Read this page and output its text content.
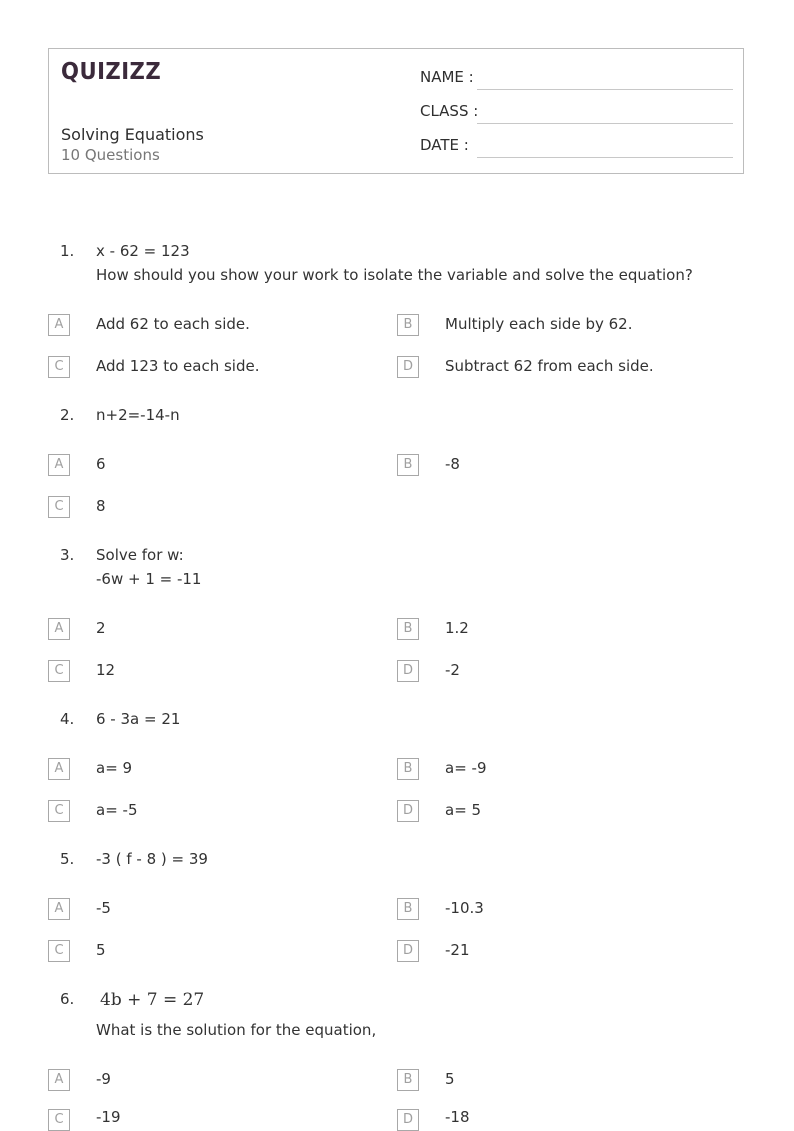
QUIZIZZ
Solving Equations
10 Questions
NAME :
CLASS :
DATE :
1. x - 62 = 123
How should you show your work to isolate the variable and solve the equation?
A	Add 62 to each side.	B	Multiply each side by 62.
C	Add 123 to each side.	D	Subtract 62 from each side.
2. n+2=-14-n
A	6	B	-8
C	8
3. Solve for w:
-6w + 1 = -11
A	2	B	1.2
C	12	D	-2
4. 6 - 3a = 21
A	a= 9	B	a= -9
C	a= -5	D	a= 5
5. -3 ( f - 8 ) = 39
A	-5	B	-10.3
C	5	D	-21
6. 4b + 7 = 27
What is the solution for the equation,
A	-9	B	5
C	-19	D	-18
